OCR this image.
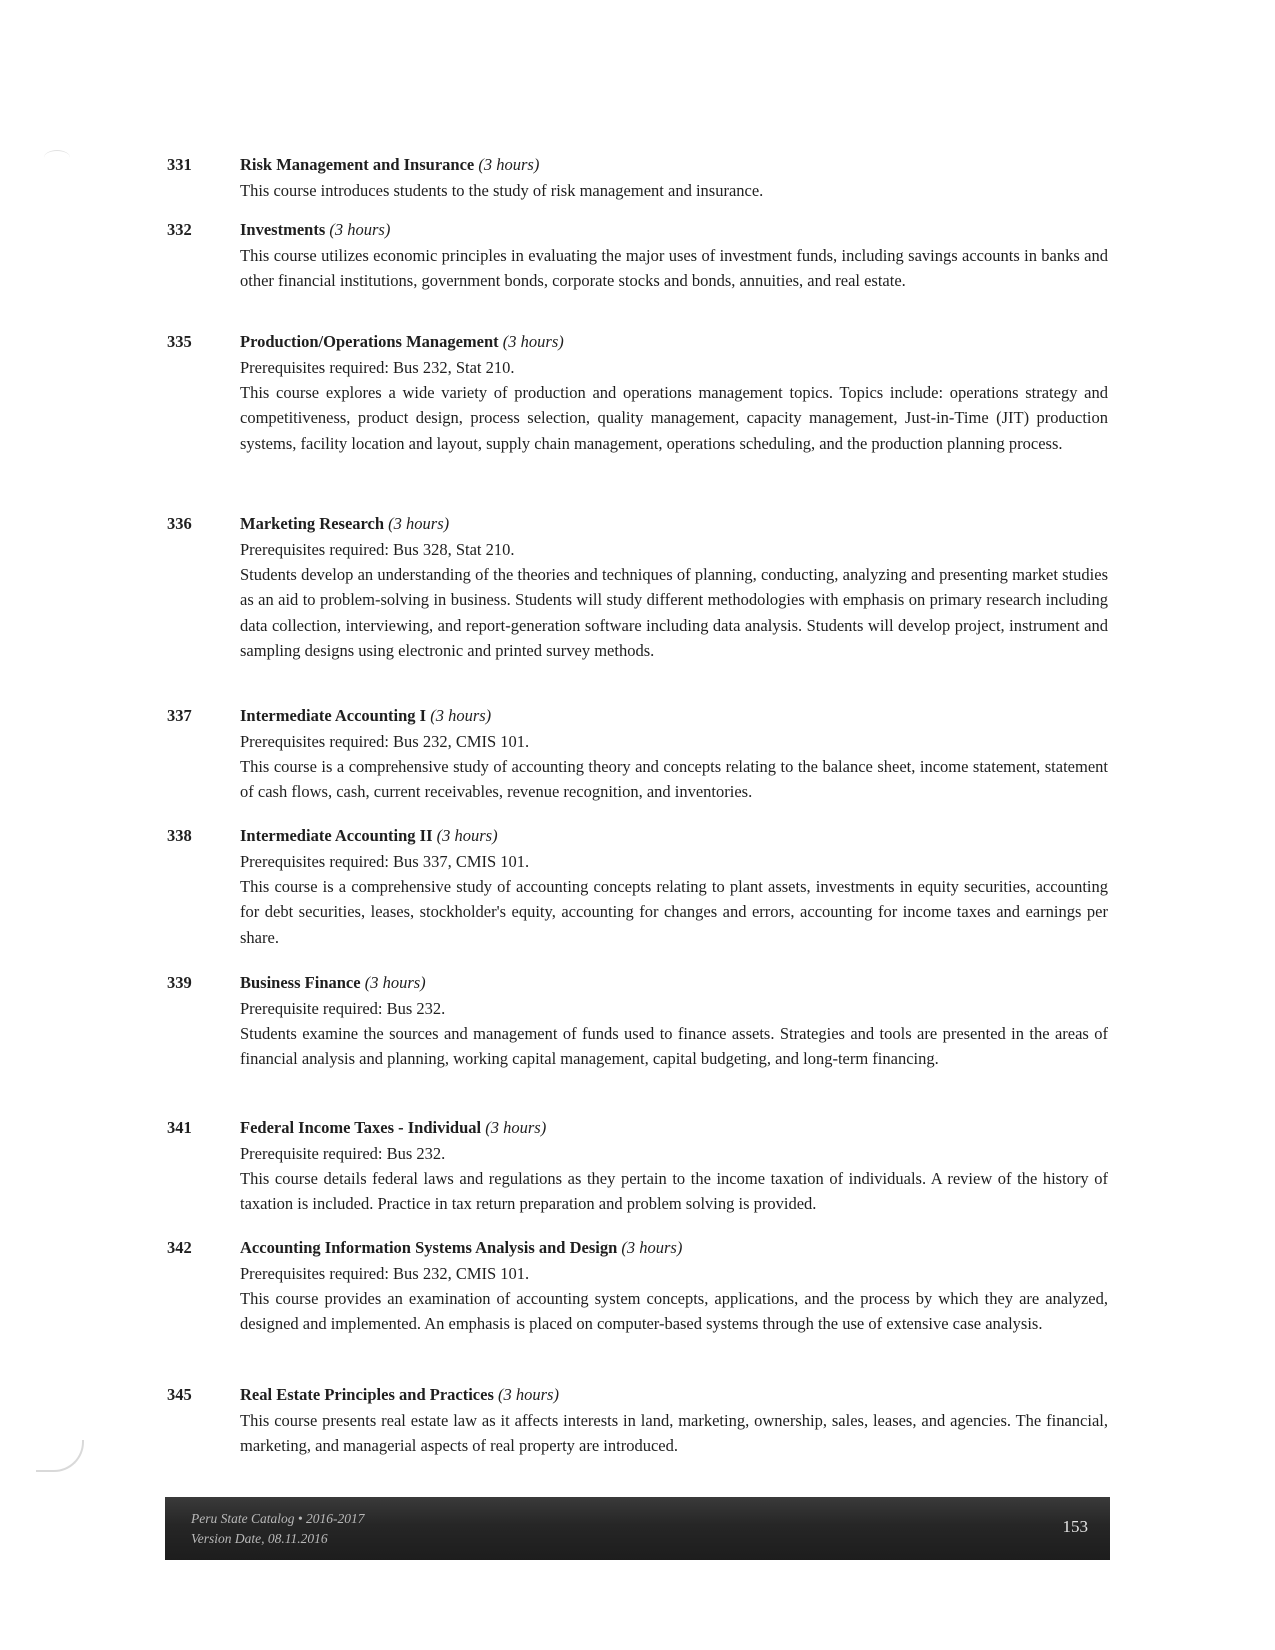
331	Risk Management and Insurance (3 hours)
This course introduces students to the study of risk management and insurance.
332	Investments (3 hours)
This course utilizes economic principles in evaluating the major uses of investment funds, including savings accounts in banks and other financial institutions, government bonds, corporate stocks and bonds, annuities, and real estate.
335	Production/Operations Management (3 hours)
Prerequisites required: Bus 232, Stat 210.
This course explores a wide variety of production and operations management topics. Topics include: operations strategy and competitiveness, product design, process selection, quality management, capacity management, Just-in-Time (JIT) production systems, facility location and layout, supply chain management, operations scheduling, and the production planning process.
336	Marketing Research (3 hours)
Prerequisites required: Bus 328, Stat 210.
Students develop an understanding of the theories and techniques of planning, conducting, analyzing and presenting market studies as an aid to problem-solving in business. Students will study different methodologies with emphasis on primary research including data collection, interviewing, and report-generation software including data analysis. Students will develop project, instrument and sampling designs using electronic and printed survey methods.
337	Intermediate Accounting I (3 hours)
Prerequisites required: Bus 232, CMIS 101.
This course is a comprehensive study of accounting theory and concepts relating to the balance sheet, income statement, statement of cash flows, cash, current receivables, revenue recognition, and inventories.
338	Intermediate Accounting II (3 hours)
Prerequisites required: Bus 337, CMIS 101.
This course is a comprehensive study of accounting concepts relating to plant assets, investments in equity securities, accounting for debt securities, leases, stockholder's equity, accounting for changes and errors, accounting for income taxes and earnings per share.
339	Business Finance (3 hours)
Prerequisite required: Bus 232.
Students examine the sources and management of funds used to finance assets. Strategies and tools are presented in the areas of financial analysis and planning, working capital management, capital budgeting, and long-term financing.
341	Federal Income Taxes - Individual (3 hours)
Prerequisite required: Bus 232.
This course details federal laws and regulations as they pertain to the income taxation of individuals. A review of the history of taxation is included. Practice in tax return preparation and problem solving is provided.
342	Accounting Information Systems Analysis and Design (3 hours)
Prerequisites required: Bus 232, CMIS 101.
This course provides an examination of accounting system concepts, applications, and the process by which they are analyzed, designed and implemented. An emphasis is placed on computer-based systems through the use of extensive case analysis.
345	Real Estate Principles and Practices (3 hours)
This course presents real estate law as it affects interests in land, marketing, ownership, sales, leases, and agencies. The financial, marketing, and managerial aspects of real property are introduced.
Peru State Catalog • 2016-2017
Version Date, 08.11.2016
153
